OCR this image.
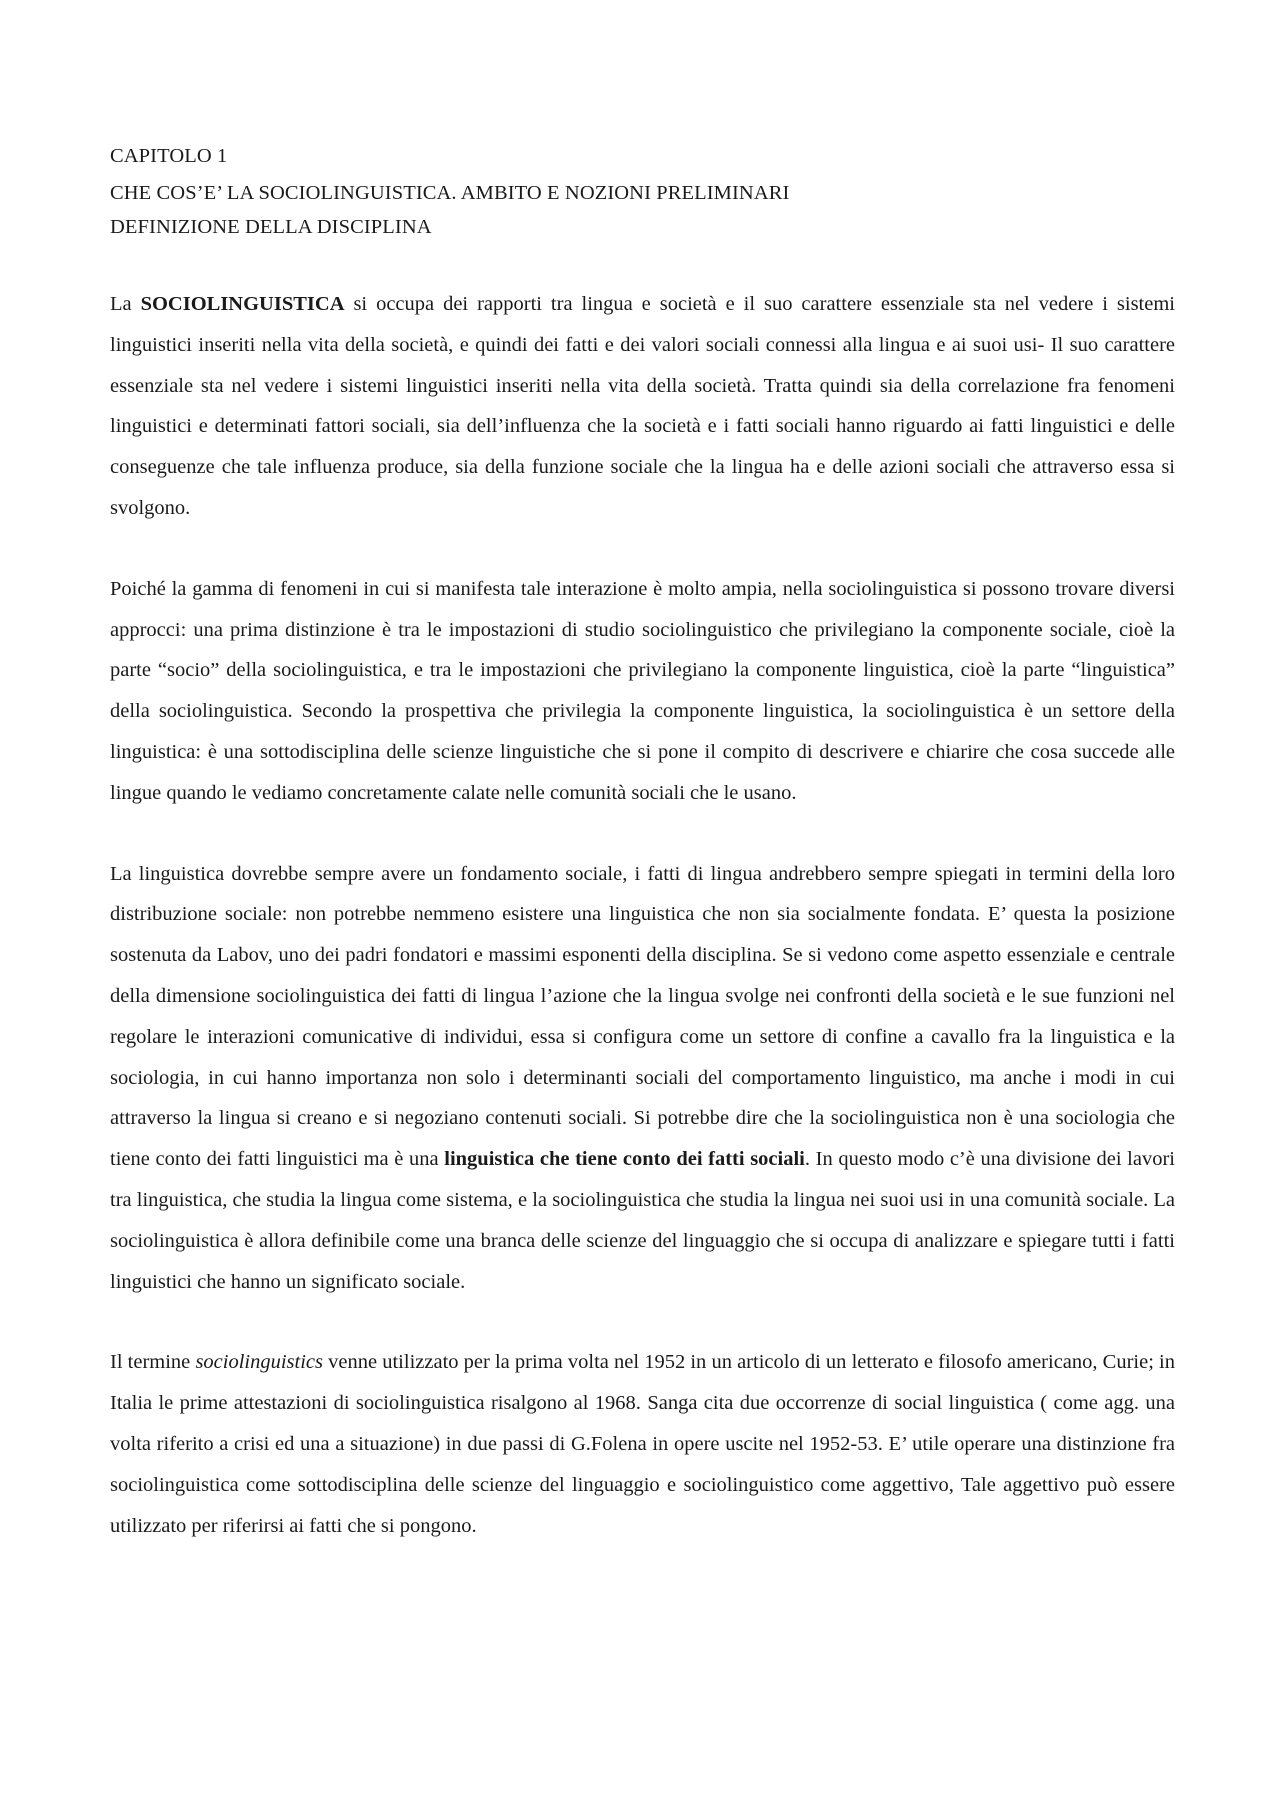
CAPITOLO 1
CHE COS’E’ LA SOCIOLINGUISTICA. AMBITO E NOZIONI PRELIMINARI
DEFINIZIONE DELLA DISCIPLINA

La SOCIOLINGUISTICA si occupa dei rapporti tra lingua e società e il suo carattere essenziale sta nel vedere i sistemi linguistici inseriti nella vita della società, e quindi dei fatti e dei valori sociali connessi alla lingua e ai suoi usi- Il suo carattere essenziale sta nel vedere i sistemi linguistici inseriti nella vita della società. Tratta quindi sia della correlazione fra fenomeni linguistici e determinati fattori sociali, sia dell’influenza che la società e i fatti sociali hanno riguardo ai fatti linguistici e delle conseguenze che tale influenza produce, sia della funzione sociale che la lingua ha e delle azioni sociali che attraverso essa si svolgono.

Poiché la gamma di fenomeni in cui si manifesta tale interazione è molto ampia, nella sociolinguistica si possono trovare diversi approcci: una prima distinzione è tra le impostazioni di studio sociolinguistico che privilegiano la componente sociale, cioè la parte “socio” della sociolinguistica, e tra le impostazioni che privilegiano la componente linguistica, cioè la parte “linguistica” della sociolinguistica. Secondo la prospettiva che privilegia la componente linguistica, la sociolinguistica è un settore della linguistica: è una sottodisciplina delle scienze linguistiche che si pone il compito di descrivere e chiarire che cosa succede alle lingue quando le vediamo concretamente calate nelle comunità sociali che le usano.

La linguistica dovrebbe sempre avere un fondamento sociale, i fatti di lingua andrebbero sempre spiegati in termini della loro distribuzione sociale: non potrebbe nemmeno esistere una linguistica che non sia socialmente fondata. E’ questa la posizione sostenuta da Labov, uno dei padri fondatori e massimi esponenti della disciplina. Se si vedono come aspetto essenziale e centrale della dimensione sociolinguistica dei fatti di lingua l’azione che la lingua svolge nei confronti della società e le sue funzioni nel regolare le interazioni comunicative di individui, essa si configura come un settore di confine a cavallo fra la linguistica e la sociologia, in cui hanno importanza non solo i determinanti sociali del comportamento linguistico, ma anche i modi in cui attraverso la lingua si creano e si negoziano contenuti sociali. Si potrebbe dire che la sociolinguistica non è una sociologia che tiene conto dei fatti linguistici ma è una linguistica che tiene conto dei fatti sociali. In questo modo c’è una divisione dei lavori tra linguistica, che studia la lingua come sistema, e la sociolinguistica che studia la lingua nei suoi usi in una comunità sociale. La sociolinguistica è allora definibile come una branca delle scienze del linguaggio che si occupa di analizzare e spiegare tutti i fatti linguistici che hanno un significato sociale.

Il termine sociolinguistics venne utilizzato per la prima volta nel 1952 in un articolo di un letterato e filosofo americano, Curie; in Italia le prime attestazioni di sociolinguistica risalgono al 1968. Sanga cita due occorrenze di social linguistica ( come agg. una volta riferito a crisi ed una a situazione) in due passi di G.Folena in opere uscite nel 1952-53. E’ utile operare una distinzione fra sociolinguistica come sottodisciplina delle scienze del linguaggio e sociolinguistico come aggettivo, Tale aggettivo può essere utilizzato per riferirsi ai fatti che si pongono.
